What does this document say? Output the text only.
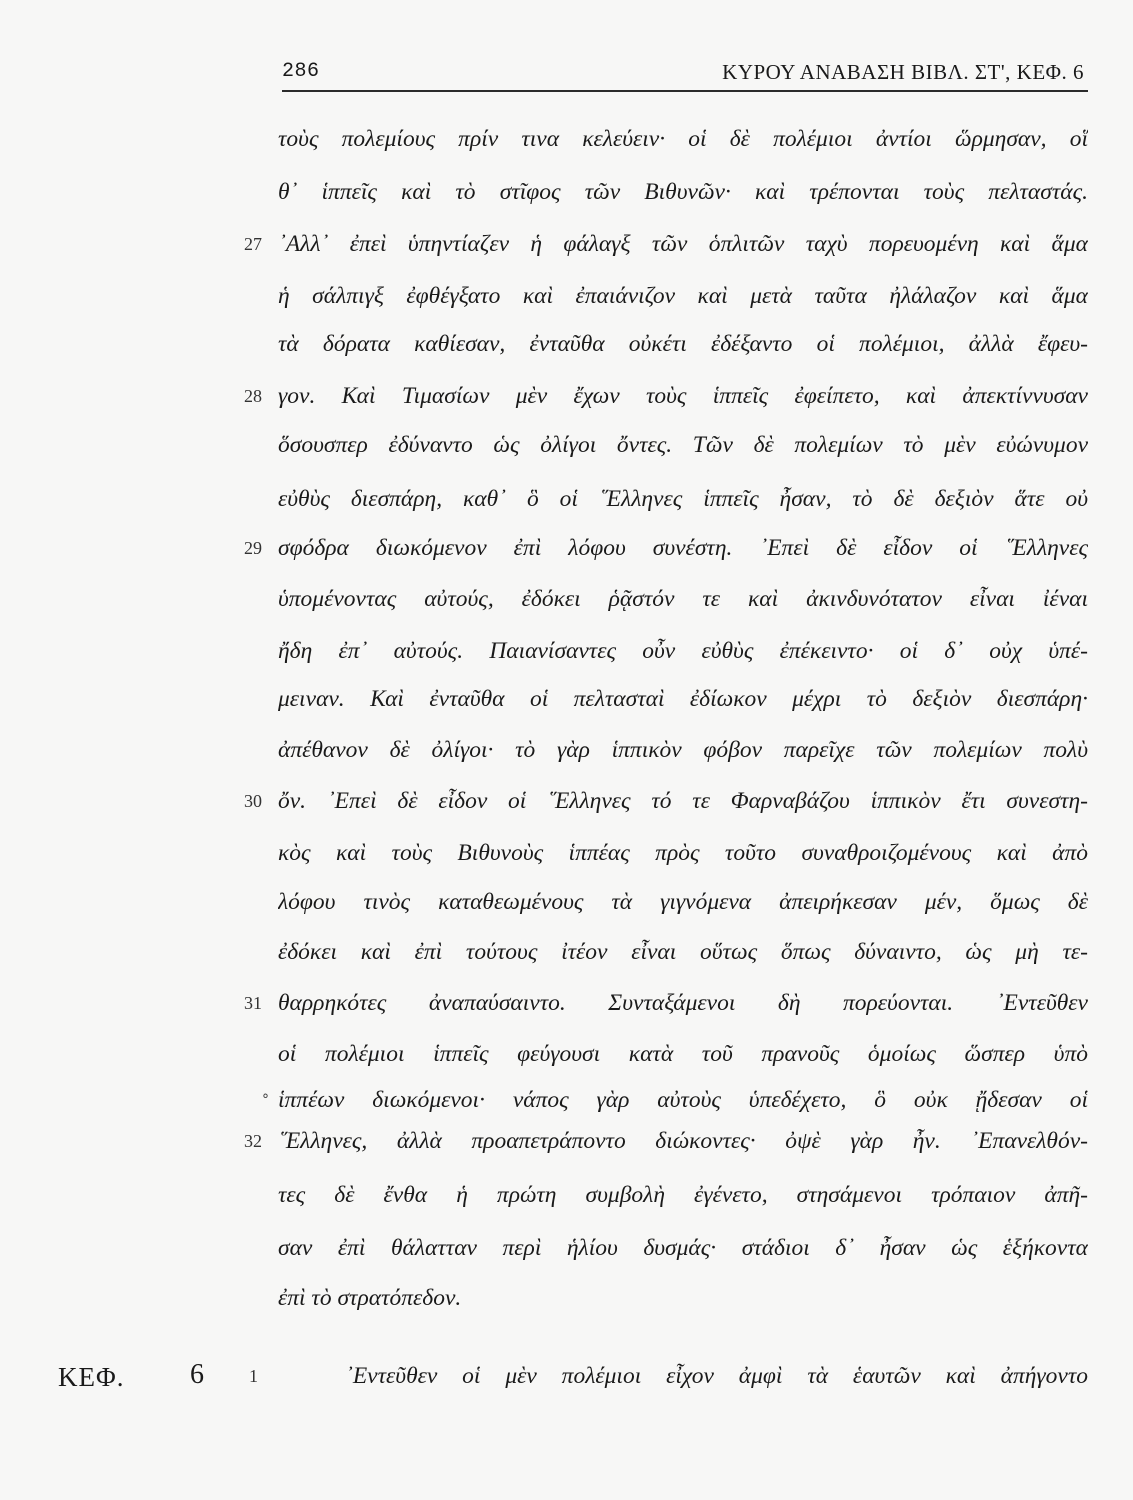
286	ΚΥΡΟΥ ΑΝΑΒΑΣΗ ΒΙΒΛ. ΣΤ', ΚΕΦ. 6
27
28
29
30
31
32
1
°
ΚΕΦ. 6
τοὺς πολεμίους πρίν τινα κελεύειν· οἱ δὲ πολέμιοι ἀντίοι ὥρμησαν, οἵ
θ᾽ ἱππεῖς καὶ τὸ στῖφος τῶν Βιθυνῶν· καὶ τρέπονται τοὺς πελταστάς.
᾽Αλλ᾽ ἐπεὶ ὑπηντίαζεν ἡ φάλαγξ τῶν ὁπλιτῶν ταχὺ πορευομένη καὶ ἅμα
ἡ σάλπιγξ ἐφθέγξατο καὶ ἐπαιάνιζον καὶ μετὰ ταῦτα ἠλάλαζον καὶ ἅμα
τὰ δόρατα καθίεσαν, ἐνταῦθα οὐκέτι ἐδέξαντο οἱ πολέμιοι, ἀλλὰ ἔφευ-
γον. Καὶ Τιμασίων μὲν ἔχων τοὺς ἱππεῖς ἐφείπετο, καὶ ἀπεκτίννυσαν
ὅσουσπερ ἐδύναντο ὡς ὀλίγοι ὄντες. Τῶν δὲ πολεμίων τὸ μὲν εὐώνυμον
εὐθὺς διεσπάρη, καθ᾽ ὃ οἱ ῞Ελληνες ἱππεῖς ἦσαν, τὸ δὲ δεξιὸν ἅτε οὐ
σφόδρα διωκόμενον ἐπὶ λόφου συνέστη. ᾽Επεὶ δὲ εἶδον οἱ ῞Ελληνες
ὑπομένοντας αὐτούς, ἐδόκει ῥᾷστόν τε καὶ ἀκινδυνότατον εἶναι ἰέναι
ἤδη ἐπ᾽ αὐτούς. Παιανίσαντες οὖν εὐθὺς ἐπέκειντο· οἱ δ᾽ οὐχ ὑπέ-
μειναν. Καὶ ἐνταῦθα οἱ πελτασταὶ ἐδίωκον μέχρι τὸ δεξιὸν διεσπάρη·
ἀπέθανον δὲ ὀλίγοι· τὸ γὰρ ἱππικὸν φόβον παρεῖχε τῶν πολεμίων πολὺ
ὄν. ᾽Επεὶ δὲ εἶδον οἱ ῞Ελληνες τό τε Φαρναβάζου ἱππικὸν ἔτι συνεστη-
κὸς καὶ τοὺς Βιθυνοὺς ἱππέας πρὸς τοῦτο συναθροιζομένους καὶ ἀπὸ
λόφου τινὸς καταθεωμένους τὰ γιγνόμενα ἀπειρήκεσαν μέν, ὅμως δὲ
ἐδόκει καὶ ἐπὶ τούτους ἰτέον εἶναι οὕτως ὅπως δύναιντο, ὡς μὴ τε-
θαρρηκότες ἀναπαύσαιντο. Συνταξάμενοι δὴ πορεύονται. ᾽Εντεῦθεν
οἱ πολέμιοι ἱππεῖς φεύγουσι κατὰ τοῦ πρανοῦς ὁμοίως ὥσπερ ὑπὸ
ἱππέων διωκόμενοι· νάπος γὰρ αὐτοὺς ὑπεδέχετο, ὃ οὐκ ᾔδεσαν οἱ
῞Ελληνες, ἀλλὰ προαπετράποντο διώκοντες· ὀψὲ γὰρ ἦν. ᾽Επανελθόν-
τες δὲ ἔνθα ἡ πρώτη συμβολὴ ἐγένετο, στησάμενοι τρόπαιον ἀπῆ-
σαν ἐπὶ θάλατταν περὶ ἡλίου δυσμάς· στάδιοι δ᾽ ἦσαν ὡς ἑξήκοντα
ἐπὶ τὸ στρατόπεδον.
᾽Εντεῦθεν οἱ μὲν πολέμιοι εἶχον ἀμφὶ τὰ ἑαυτῶν καὶ ἀπήγοντο
